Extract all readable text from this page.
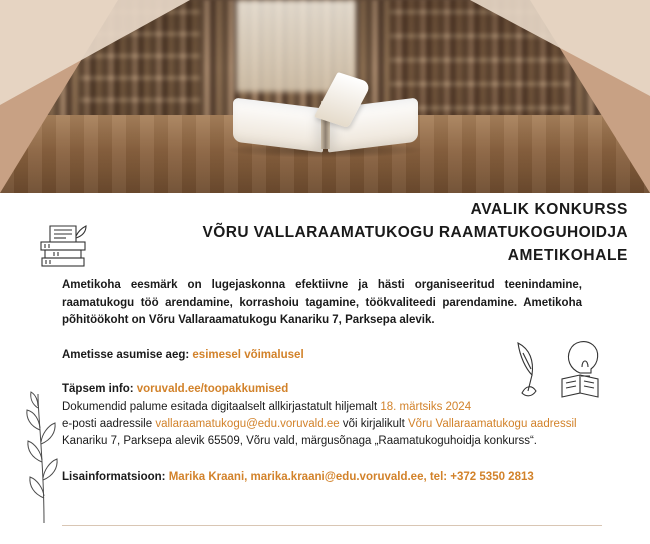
AVALIK KONKURSS
VÕRU VALLARAAMATUKOGU RAAMATUKOGUHOIDJA
AMETIKOHALE
Ametikoha eesmärk on lugejaskonna efektiivne ja hästi organiseeritud teenindamine, raamatukogu töö arendamine, korrashoiu tagamine, töökvaliteedi parendamine. Ametikoha põhitöökoht on Võru Vallaraamatukogu Kanariku 7, Parksepa alevik.
Ametisse asumise aeg: esimesel võimalusel
Täpsem info: voruvald.ee/toopakkumised
Dokumendid palume esitada digitaalselt allkirjastatult hiljemalt 18. märtsiks 2024
e-posti aadressile vallaraamatukogu@edu.voruvald.ee või kirjalikult Võru Vallaraamatukogu aadressil Kanariku 7, Parksepa alevik 65509, Võru vald, märgusõnaga „Raamatukoguhoidja konkurss“.
Lisainformatsioon: Marika Kraani, marika.kraani@edu.voruvald.ee, tel: +372 5350 2813
